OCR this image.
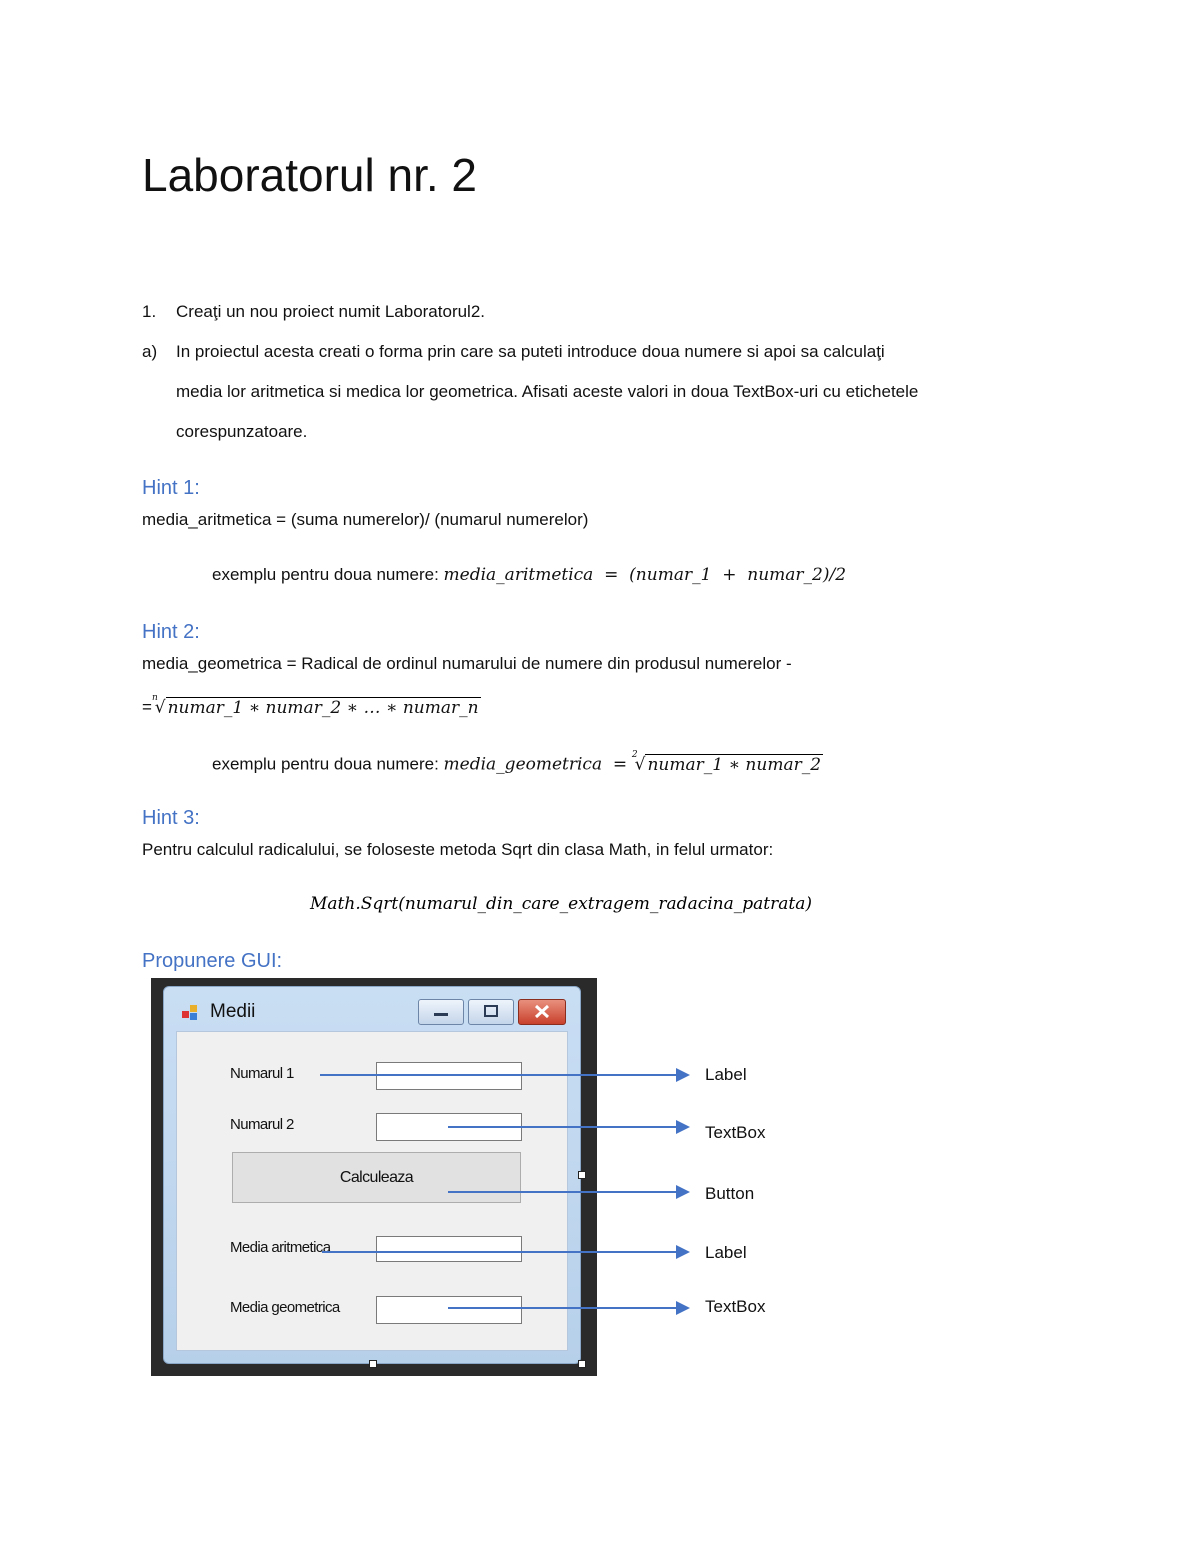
Laboratorul nr. 2
1. Creaţi un nou proiect numit Laboratorul2.
a) In proiectul acesta creati o forma prin care sa puteti introduce doua numere si apoi sa calculaţi
media lor aritmetica si medica lor geometrica. Afisati aceste valori in doua TextBox-uri cu etichetele
corespunzatoare.
Hint 1:
media_aritmetica = (suma numerelor)/ (numarul numerelor)
exemplu pentru doua numere: media_aritmetica  =  (numar_1  +  numar_2)/2
Hint 2:
media_geometrica = Radical de ordinul numarului de numere din produsul numerelor -
=$^n$√ numar_1 ∗ numar_2 ∗ … ∗ numar_n
exemplu pentru doua numere: media_geometrica  = $^2$√ numar_1 ∗ numar_2
Hint 3:
Pentru calculul radicalului, se foloseste metoda Sqrt din clasa Math, in felul urmator:
Math.Sqrt(numarul_din_care_extragem_radacina_patrata)
Propunere GUI:
Medii
Numarul 1
Numarul 2
Calculeaza
Media aritmetica
Media geometrica
Label
TextBox
Button
Label
TextBox
